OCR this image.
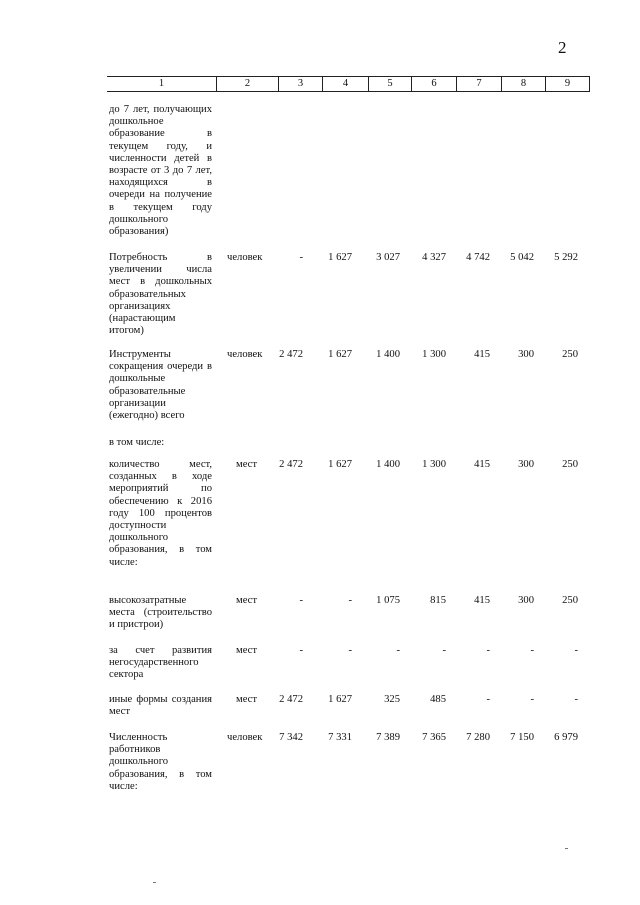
2
1	2	3	4	5	6	7	8	9
до 7 лет, получающих дошкольное образование в текущем году, и численности детей в возрасте от 3 до 7 лет, находящихся в очереди на получение в текущем году дошкольного образования)
Потребность в увеличении числа мест в дошкольных образовательных организациях (нарастающим итогом)
человек	-	1 627	3 027	4 327	4 742	5 042	5 292
Инструменты сокращения очереди в дошкольные образовательные организации (ежегодно) всего
человек	2 472	1 627	1 400	1 300	415	300	250
в том числе:
количество мест, созданных в ходе мероприятий по обеспечению к 2016 году 100 процентов доступности дошкольного образования, в том числе:
мест	2 472	1 627	1 400	1 300	415	300	250
высокозатратные места (строительство и пристрои)
мест	-	-	1 075	815	415	300	250
за счет развития негосударственного сектора
мест	-	-	-	-	-	-	-
иные формы создания мест
мест	2 472	1 627	325	485	-	-	-
Численность работников дошкольного образования, в том числе:
человек	7 342	7 331	7 389	7 365	7 280	7 150	6 979
